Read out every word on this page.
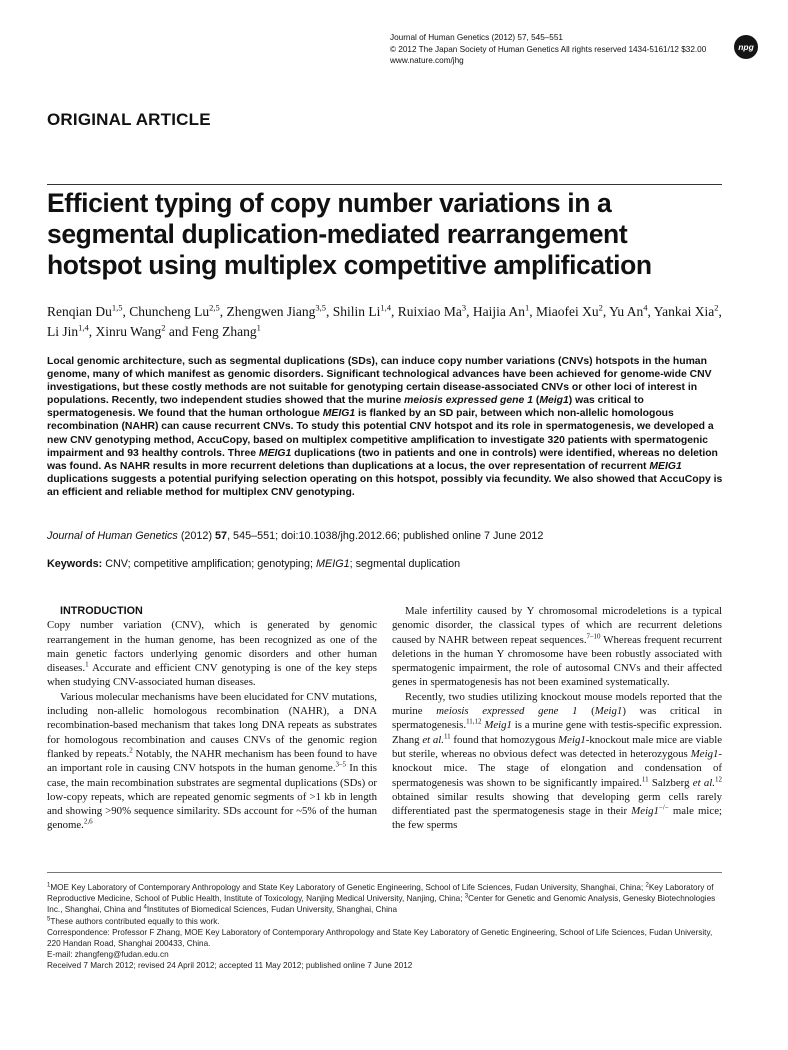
Journal of Human Genetics (2012) 57, 545–551
© 2012 The Japan Society of Human Genetics All rights reserved 1434-5161/12 $32.00
www.nature.com/jhg
npg
ORIGINAL ARTICLE
Efficient typing of copy number variations in a segmental duplication-mediated rearrangement hotspot using multiplex competitive amplification
Renqian Du$^{1,5}$, Chuncheng Lu$^{2,5}$, Zhengwen Jiang$^{3,5}$, Shilin Li$^{1,4}$, Ruixiao Ma$^3$, Haijia An$^1$, Miaofei Xu$^2$, Yu An$^4$, Yankai Xia$^2$, Li Jin$^{1,4}$, Xinru Wang$^2$ and Feng Zhang$^1$

Local genomic architecture, such as segmental duplications (SDs), can induce copy number variations (CNVs) hotspots in the human genome, many of which manifest as genomic disorders. Significant technological advances have been achieved for genome-wide CNV investigations, but these costly methods are not suitable for genotyping certain disease-associated CNVs or other loci of interest in populations. Recently, two independent studies showed that the murine meiosis expressed gene 1 (Meig1) was critical to spermatogenesis. We found that the human orthologue MEIG1 is flanked by an SD pair, between which non-allelic homologous recombination (NAHR) can cause recurrent CNVs. To study this potential CNV hotspot and its role in spermatogenesis, we developed a new CNV genotyping method, AccuCopy, based on multiplex competitive amplification to investigate 320 patients with spermatogenic impairment and 93 healthy controls. Three MEIG1 duplications (two in patients and one in controls) were identified, whereas no deletion was found. As NAHR results in more recurrent deletions than duplications at a locus, the over representation of recurrent MEIG1 duplications suggests a potential purifying selection operating on this hotspot, possibly via fecundity. We also showed that AccuCopy is an efficient and reliable method for multiplex CNV genotyping.

Journal of Human Genetics (2012) 57, 545–551; doi:10.1038/jhg.2012.66; published online 7 June 2012
Keywords: CNV; competitive amplification; genotyping; MEIG1; segmental duplication

INTRODUCTION

Copy number variation (CNV), which is generated by genomic rearrangement in the human genome, has been recognized as one of the main genetic factors underlying genomic disorders and other human diseases.$^1$ Accurate and efficient CNV genotyping is one of the key steps when studying CNV-associated human diseases.

Various molecular mechanisms have been elucidated for CNV mutations, including non-allelic homologous recombination (NAHR), a DNA recombination-based mechanism that takes long DNA repeats as substrates for homologous recombination and causes CNVs of the genomic region flanked by repeats.$^2$ Notably, the NAHR mechanism has been found to have an important role in causing CNV hotspots in the human genome.$^{3-5}$ In this case, the main recombination substrates are segmental duplications (SDs) or low-copy repeats, which are repeated genomic segments of >1 kb in length and showing >90% sequence similarity. SDs account for ~5% of the human genome.$^{2,6}$

Male infertility caused by Y chromosomal microdeletions is a typical genomic disorder, the classical types of which are recurrent deletions caused by NAHR between repeat sequences.$^{7-10}$ Whereas frequent recurrent deletions in the human Y chromosome have been robustly associated with spermatogenic impairment, the role of autosomal CNVs and their affected genes in spermatogenesis has not been examined systematically.

Recently, two studies utilizing knockout mouse models reported that the murine meiosis expressed gene 1 (Meig1) was critical in spermatogenesis.$^{11,12}$ Meig1 is a murine gene with testis-specific expression. Zhang et al.$^{11}$ found that homozygous Meig1-knockout male mice are viable but sterile, whereas no obvious defect was detected in heterozygous Meig1-knockout mice. The stage of elongation and condensation of spermatogenesis was shown to be significantly impaired.$^{11}$ Salzberg et al.$^{12}$ obtained similar results showing that developing germ cells rarely differentiated past the spermatogenesis stage in their Meig1−/− male mice; the few sperms

$^1$MOE Key Laboratory of Contemporary Anthropology and State Key Laboratory of Genetic Engineering, School of Life Sciences, Fudan University, Shanghai, China; $^2$Key Laboratory of Reproductive Medicine, School of Public Health, Institute of Toxicology, Nanjing Medical University, Nanjing, China; $^3$Center for Genetic and Genomic Analysis, Genesky Biotechnologies Inc., Shanghai, China and $^4$Institutes of Biomedical Sciences, Fudan University, Shanghai, China

$^5$These authors contributed equally to this work.

Correspondence: Professor F Zhang, MOE Key Laboratory of Contemporary Anthropology and State Key Laboratory of Genetic Engineering, School of Life Sciences, Fudan University, 220 Handan Road, Shanghai 200433, China.

E-mail: zhangfeng@fudan.edu.cn

Received 7 March 2012; revised 24 April 2012; accepted 11 May 2012; published online 7 June 2012
